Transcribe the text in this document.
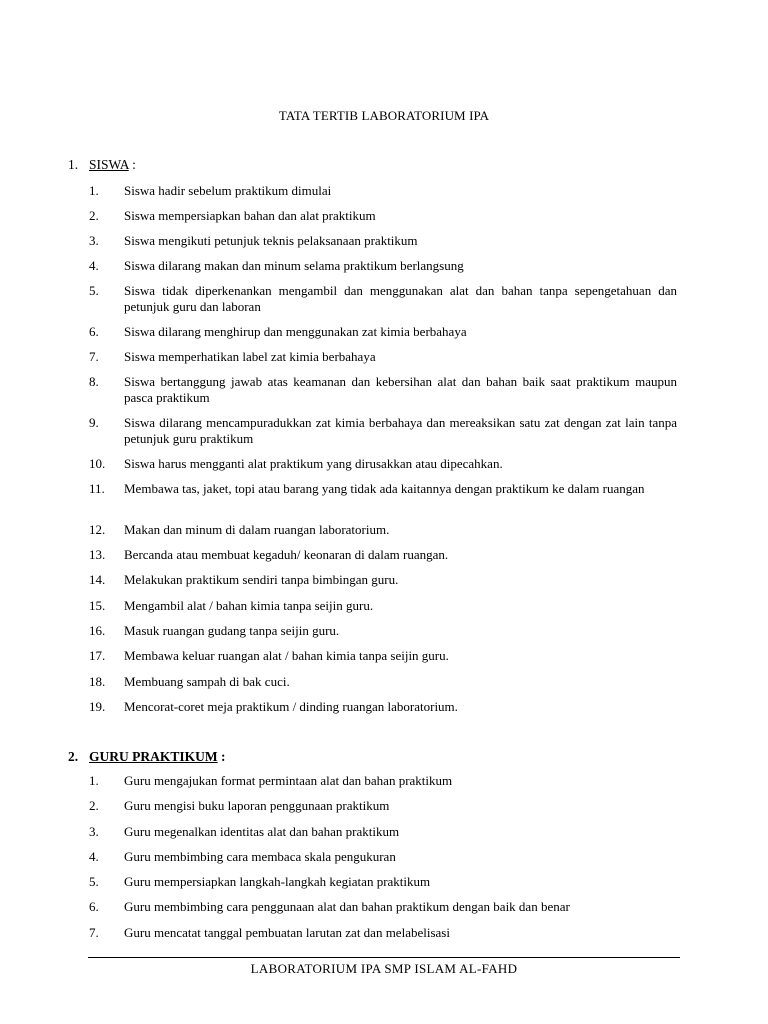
TATA TERTIB LABORATORIUM IPA
1. SISWA :
1.	Siswa hadir sebelum praktikum dimulai
2.	Siswa mempersiapkan bahan dan alat praktikum
3.	Siswa mengikuti petunjuk teknis pelaksanaan praktikum
4.	Siswa dilarang makan dan minum selama praktikum berlangsung
5.	Siswa tidak diperkenankan mengambil dan menggunakan alat dan bahan tanpa sepengetahuan dan petunjuk guru dan laboran
6.	Siswa dilarang menghirup dan menggunakan zat kimia berbahaya
7.	Siswa memperhatikan label zat kimia berbahaya
8.	Siswa bertanggung jawab atas keamanan dan kebersihan alat dan bahan baik saat praktikum maupun pasca praktikum
9.	Siswa dilarang mencampuradukkan zat kimia berbahaya dan mereaksikan satu zat dengan zat lain tanpa petunjuk guru praktikum
10.	Siswa harus mengganti alat praktikum yang dirusakkan atau dipecahkan.
11.	Membawa tas, jaket, topi atau barang yang tidak ada kaitannya dengan praktikum ke dalam ruangan
12.	Makan dan minum di dalam ruangan laboratorium.
13.	Bercanda atau membuat kegaduh/ keonaran di dalam ruangan.
14.	Melakukan praktikum sendiri tanpa bimbingan guru.
15.	Mengambil alat / bahan kimia tanpa seijin guru.
16.	Masuk ruangan gudang tanpa seijin guru.
17.	Membawa keluar ruangan alat / bahan kimia tanpa seijin guru.
18.	Membuang sampah di bak cuci.
19.	Mencorat-coret meja praktikum / dinding ruangan laboratorium.
2. GURU PRAKTIKUM :
1.	Guru mengajukan format permintaan alat dan bahan praktikum
2.	Guru mengisi buku laporan penggunaan praktikum
3.	Guru megenalkan identitas alat dan bahan praktikum
4.	Guru membimbing cara membaca skala pengukuran
5.	Guru mempersiapkan langkah-langkah kegiatan praktikum
6.	Guru membimbing cara penggunaan alat dan bahan praktikum dengan baik dan benar
7.	Guru mencatat tanggal pembuatan larutan zat dan melabelisasi
LABORATORIUM IPA SMP ISLAM AL-FAHD
